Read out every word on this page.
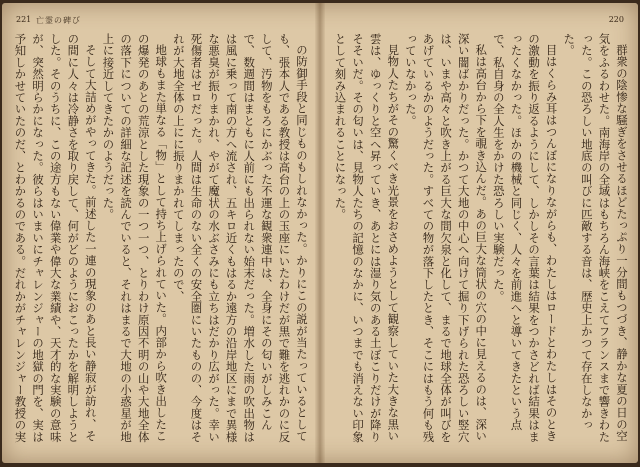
221 亡霊の碑び

の防御手段と同じものもしれなかった。かりにこの説が当たっているとしても、張本人である教授は高台の上の玉座にいたわけだが黒で難を逃れかのに反して、汚物をもろにかぶった不運な観衆連中は、全身にその匂いがしみこんで、数週間はまともに人前にも出られない始末だった。増水した雨の吹出物はは風に乗って南の方へ流され、五キロ近くもはるか遠方の沿岸地区にまで異様な悪臭が振りまかれ、やがて魔状の水ぶさみにも立ちはだかり広がった。幸い死傷者はゼロだった。人間は生命のない全くの安全圏にいたものの、今度はそれが大地全体の上にに振りまかれてしまったので、

地球もまた単なる「物」として持ち上げられていた。内部から吹き出したこの爆発のあとの荒涼とした現象の一つ一つ、とりわけ原因不明の山や大地全体の落下についての詳細な記述を読んでいると、それはまるで大地の小惑星が地上に接近してきたかのようだった。

そして大詰めがやってきた。前述した一連の現象のあと長い静寂が訪れ、その間に人々は冷静さを取り戻して、何がどのようにおこったかを解明しようとした。そのうちに、この途方もない偉業や偉大な業績や、天才的な実験の意味が、突然明らかになった。彼らはいまいにチャレンジャーの地獄の門を、実は予知しかせていたのだ、とわかるのである。だれかがチャレンジャー教授の実

220

群衆の陰惨な騒ぎをさせるほどたっぷり一分間もつづき、静かな夏の日の空気をふるわせた。南海岸の全域はもちろん海峡をこえてフランスまで響きわたった。この恐ろしい地底の叫びに匹敵する音は、歴史上かつて存在しなかった。

目はくらみ耳はつんぼになりながらも、わたしはロードとわたしはそのときの激動を振り返るようにして、しかしその言葉は結果をつかさどれば結果はまったくなかった。ほかの機械と同じく、人々を前進へと導いてきたという点で、私自身の全人生をかけた恐ろしい実験だった。

私は高台から下を覗き込んだ。あの巨大な筒状の穴の中に見えるのは、深い深い闇ばかりだった。かつて大地の中心へ向けて掘り下げられた恐ろしい竪穴は、いまや高々と吹き上がる巨大な間欠泉と化して、まるで地球全体が叫びをあげているかのようだった。すべての物が落下したとき、そこにはもう何も残っていなかった。

見物人たちがその驚くべき光景をおさめようとして観察していた大きな黒い雲は、ゆっくりと空へ昇っていき、あとには湿り気のある土ぼこりだけが降りそそいだ。その匂いは、見物人たちの記憶のなかに、いつまでも消えない印象として刻み込まれることになった。
